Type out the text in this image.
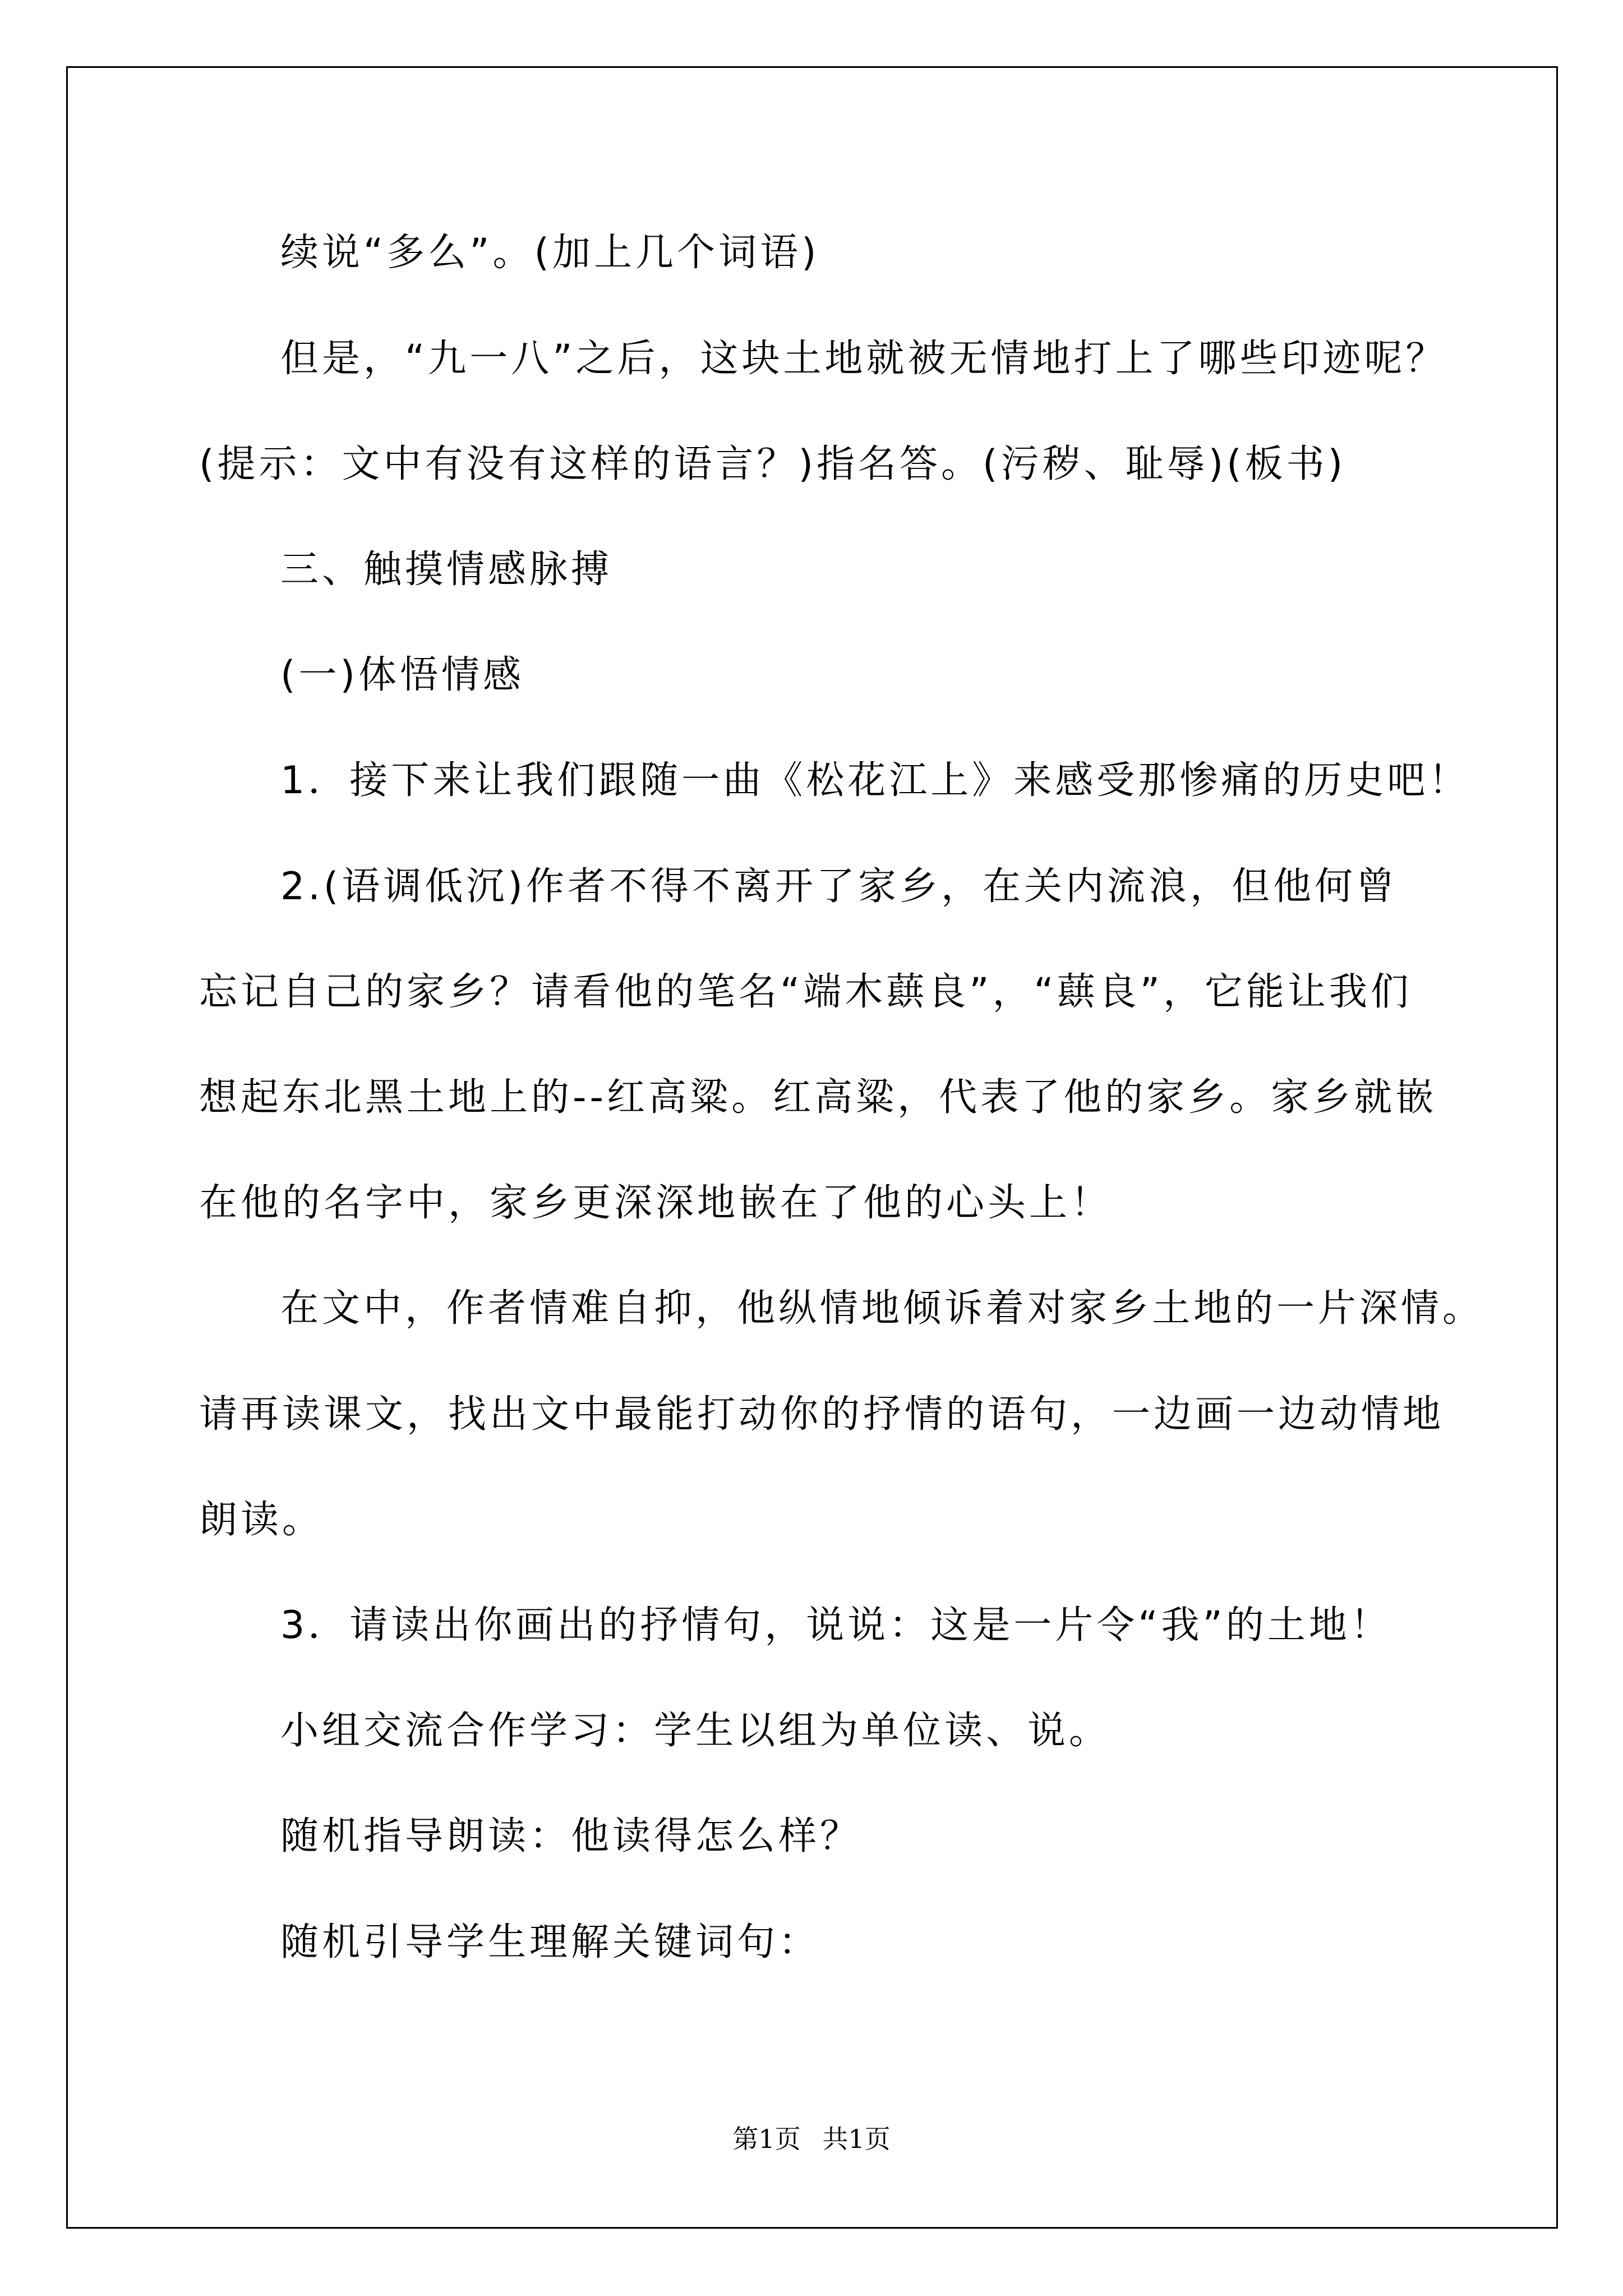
续说“多么”。(加上几个词语)
但是，“九一八”之后，这块土地就被无情地打上了哪些印迹呢？
(提示：文中有没有这样的语言？)指名答。(污秽、耻辱)(板书)
三、触摸情感脉搏
(一)体悟情感
1．接下来让我们跟随一曲《松花江上》来感受那惨痛的历史吧！
2.(语调低沉)作者不得不离开了家乡，在关内流浪，但他何曾
忘记自己的家乡？请看他的笔名“端木蕻良”，“蕻良”，它能让我们
想起东北黑土地上的--红高粱。红高粱，代表了他的家乡。家乡就嵌
在他的名字中，家乡更深深地嵌在了他的心头上！
在文中，作者情难自抑，他纵情地倾诉着对家乡土地的一片深情。
请再读课文，找出文中最能打动你的抒情的语句，一边画一边动情地
朗读。
3．请读出你画出的抒情句，说说：这是一片令“我”的土地！
小组交流合作学习：学生以组为单位读、说。
随机指导朗读：他读得怎么样？
随机引导学生理解关键词句：
第1页 共1页
